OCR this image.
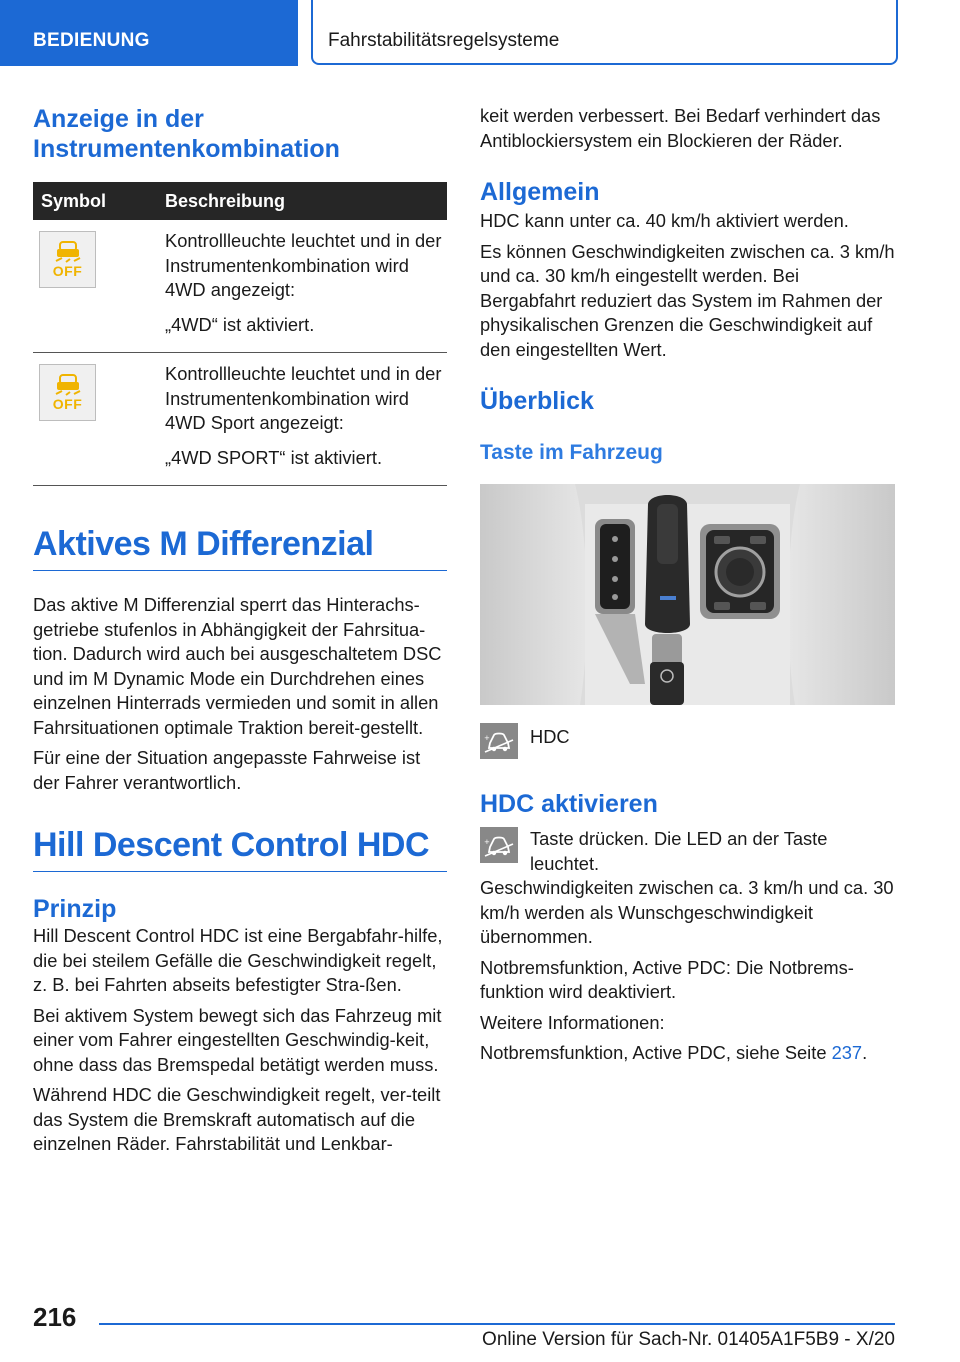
BEDIENUNG	Fahrstabilitätsregelsysteme
Anzeige in der Instrumentenkombination
Symbol	Beschreibung

OFF	Kontrollleuchte leuchtet und in der Instrumentenkombination wird 4WD angezeigt:

„4WD“ ist aktiviert.

OFF	Kontrollleuchte leuchtet und in der Instrumentenkombination wird 4WD Sport angezeigt:

„4WD SPORT“ ist aktiviert.

Aktives M Differenzial

Das aktive M Differenzial sperrt das Hinterachs-getriebe stufenlos in Abhängigkeit der Fahrsitua-tion. Dadurch wird auch bei ausgeschaltetem DSC und im M Dynamic Mode ein Durchdrehen eines einzelnen Hinterrads vermieden und somit in allen Fahrsituationen optimale Traktion bereit-gestellt.

Für eine der Situation angepasste Fahrweise ist der Fahrer verantwortlich.

Hill Descent Control HDC
Prinzip

Hill Descent Control HDC ist eine Bergabfahr-hilfe, die bei steilem Gefälle die Geschwindigkeit regelt, z. B. bei Fahrten abseits befestigter Stra-ßen.

Bei aktivem System bewegt sich das Fahrzeug mit einer vom Fahrer eingestellten Geschwindig-keit, ohne dass das Bremspedal betätigt werden muss.

Während HDC die Geschwindigkeit regelt, ver-teilt das System die Bremskraft automatisch auf die einzelnen Räder. Fahrstabilität und Lenkbar-

keit werden verbessert. Bei Bedarf verhindert das Antiblockiersystem ein Blockieren der Räder.

Allgemein

HDC kann unter ca. 40 km/h aktiviert werden.

Es können Geschwindigkeiten zwischen ca. 3 km/h und ca. 30 km/h eingestellt werden. Bei Bergabfahrt reduziert das System im Rahmen der physikalischen Grenzen die Geschwindigkeit auf den eingestellten Wert.

Überblick
Taste im Fahrzeug
+ HDC

HDC aktivieren
+ Taste drücken. Die LED an der Taste leuchtet.

Geschwindigkeiten zwischen ca. 3 km/h und ca. 30 km/h werden als Wunschgeschwindigkeit übernommen.

Notbremsfunktion, Active PDC: Die Notbrems-funktion wird deaktiviert.

Weitere Informationen:

Notbremsfunktion, Active PDC, siehe Seite 237.

216
Online Version für Sach-Nr. 01405A1F5B9 - X/20
